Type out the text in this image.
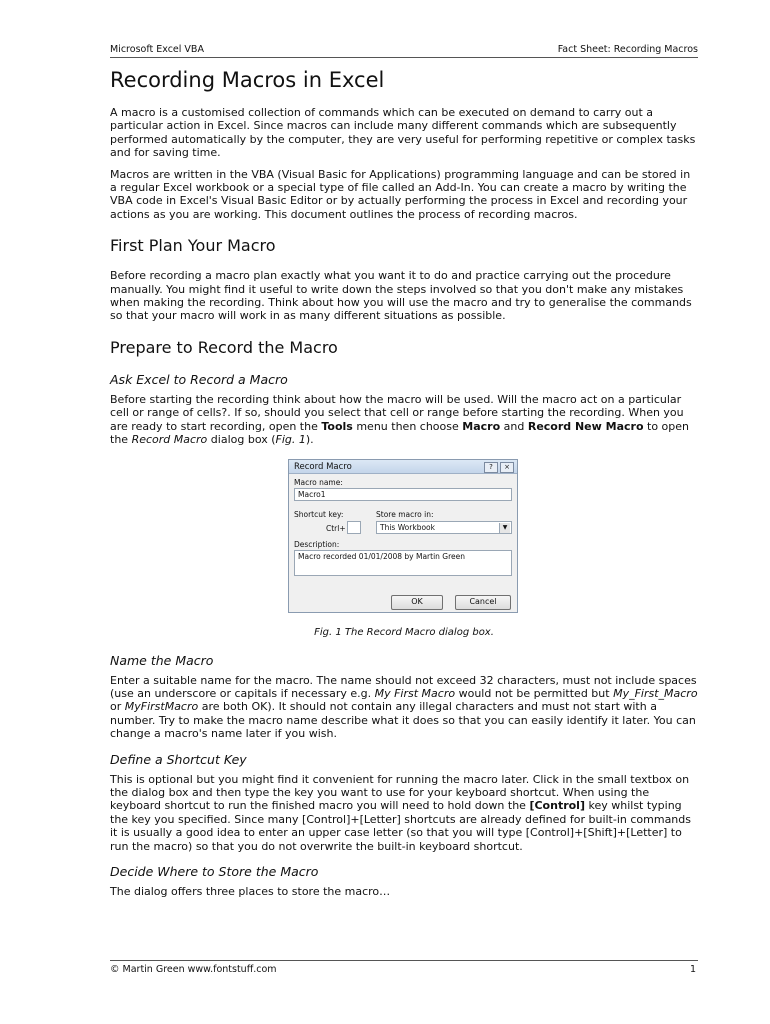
Microsoft Excel VBA	Fact Sheet: Recording Macros
Recording Macros in Excel

A macro is a customised collection of commands which can be executed on demand to carry out a particular action in Excel. Since macros can include many different commands which are subsequently performed automatically by the computer, they are very useful for performing repetitive or complex tasks and for saving time.

Macros are written in the VBA (Visual Basic for Applications) programming language and can be stored in a regular Excel workbook or a special type of file called an Add-In. You can create a macro by writing the VBA code in Excel's Visual Basic Editor or by actually performing the process in Excel and recording your actions as you are working. This document outlines the process of recording macros.

First Plan Your Macro

Before recording a macro plan exactly what you want it to do and practice carrying out the procedure manually. You might find it useful to write down the steps involved so that you don't make any mistakes when making the recording. Think about how you will use the macro and try to generalise the commands so that your macro will work in as many different situations as possible.

Prepare to Record the Macro
Ask Excel to Record a Macro

Before starting the recording think about how the macro will be used. Will the macro act on a particular cell or range of cells?. If so, should you select that cell or range before starting the recording. When you are ready to start recording, open the Tools menu then choose Macro and Record New Macro to open the Record Macro dialog box (Fig. 1).

Record Macro	?	×
Macro name:
Macro1
Shortcut key:
Ctrl+
Store macro in:
This Workbook	▼
Description:
Macro recorded 01/01/2008 by Martin Green
OK	Cancel
Fig. 1 The Record Macro dialog box.
Name the Macro

Enter a suitable name for the macro. The name should not exceed 32 characters, must not include spaces (use an underscore or capitals if necessary e.g. My First Macro would not be permitted but My_First_Macro or MyFirstMacro are both OK). It should not contain any illegal characters and must not start with a number. Try to make the macro name describe what it does so that you can easily identify it later. You can change a macro's name later if you wish.

Define a Shortcut Key

This is optional but you might find it convenient for running the macro later. Click in the small textbox on the dialog box and then type the key you want to use for your keyboard shortcut. When using the keyboard shortcut to run the finished macro you will need to hold down the [Control] key whilst typing the key you specified. Since many [Control]+[Letter] shortcuts are already defined for built-in commands it is usually a good idea to enter an upper case letter (so that you will type [Control]+[Shift]+[Letter] to run the macro) so that you do not overwrite the built-in keyboard shortcut.

Decide Where to Store the Macro

The dialog offers three places to store the macro…

© Martin Green www.fontstuff.com	1
